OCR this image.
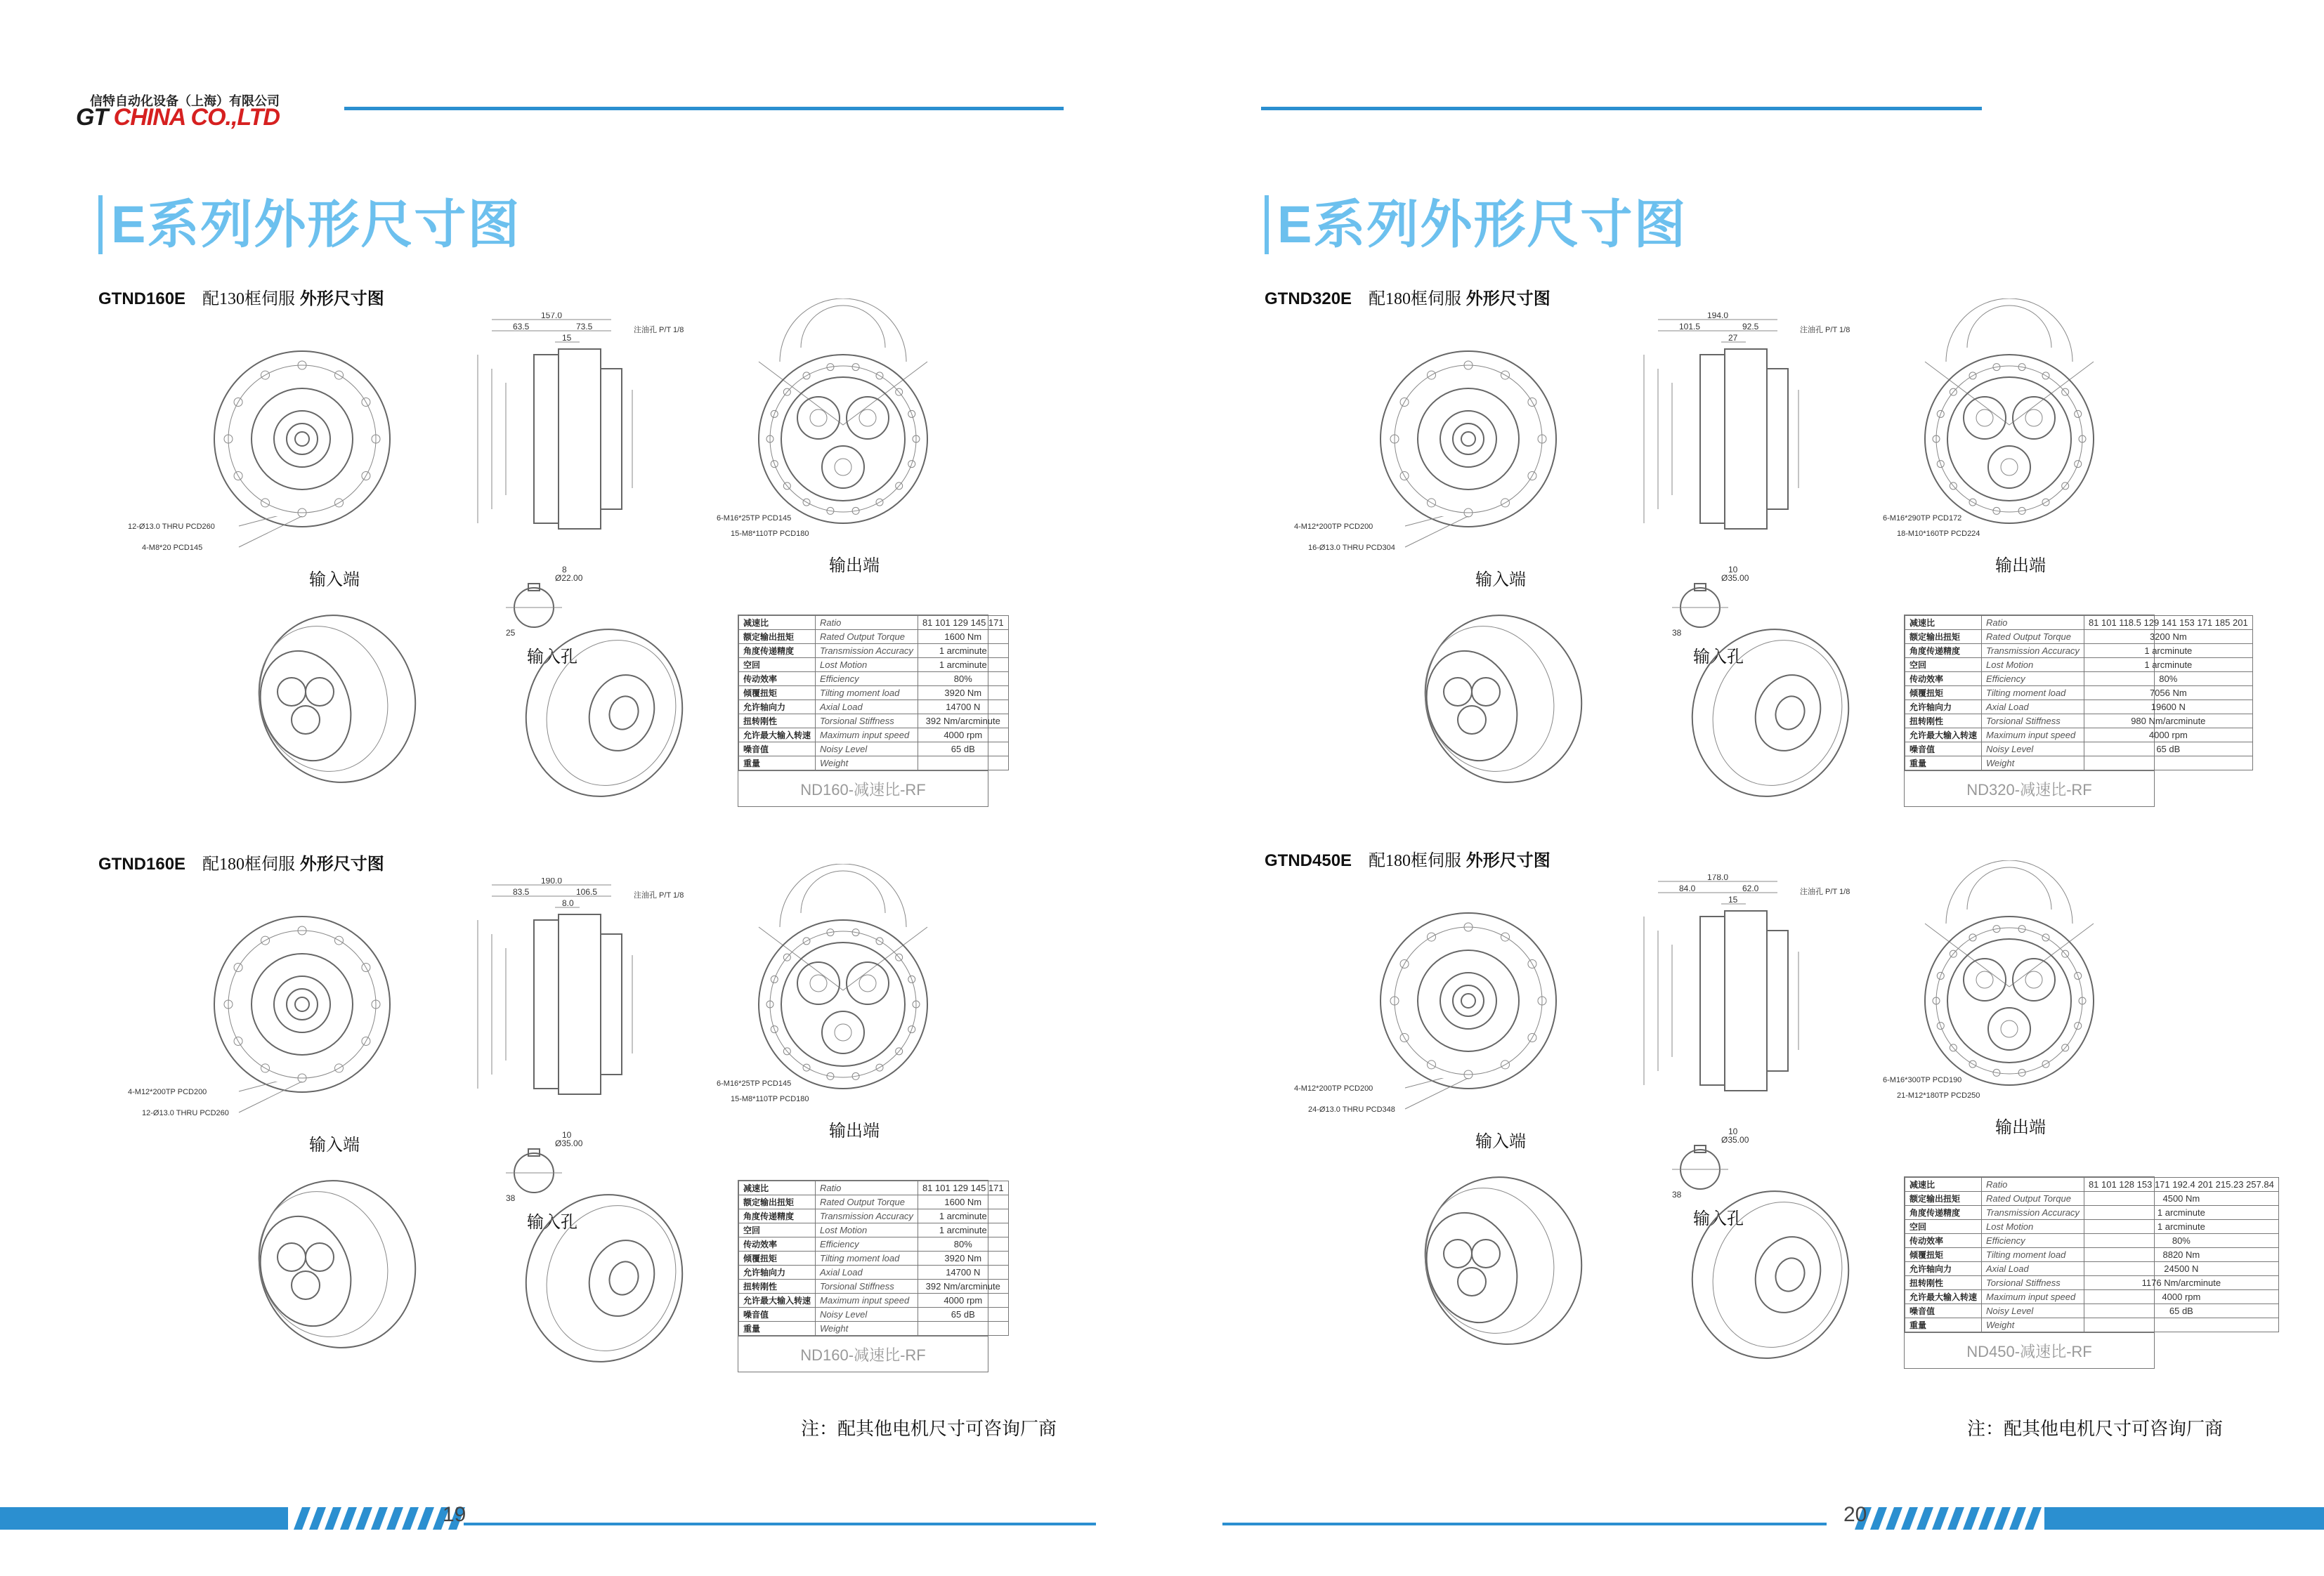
信特自动化设备（上海）有限公司
GT CHINA CO.,LTD
E系列外形尺寸图	E系列外形尺寸图
GTND160E 配130框伺服 外形尺寸图
12-Ø13.0 THRU PCD260
4-M8*20 PCD145
输入端
157.0
63.5	73.5
15
注油孔 P/T 1/8
Ø22.00
25
8
输入孔
6-M16*25TP PCD145
15-M8*110TP PCD180
输出端
减速比	Ratio	81 101 129 145 171
额定输出扭矩	Rated Output Torque	1600 Nm
角度传递精度	Transmission Accuracy	1 arcminute
空回	Lost Motion	1 arcminute
传动效率	Efficiency	80%
倾覆扭矩	Tilting moment load	3920 Nm
允许轴向力	Axial Load	14700 N
扭转刚性	Torsional Stiffness	392 Nm/arcminute
允许最大输入转速	Maximum input speed	4000 rpm
噪音值	Noisy Level	65 dB
重量	Weight	
ND160-减速比-RF
GTND160E 配180框伺服 外形尺寸图
4-M12*200TP PCD200
12-Ø13.0 THRU PCD260
输入端
190.0
83.5	106.5
8.0
注油孔 P/T 1/8
Ø35.00
38
10
输入孔
6-M16*25TP PCD145
15-M8*110TP PCD180
输出端
减速比	Ratio	81 101 129 145 171
额定输出扭矩	Rated Output Torque	1600 Nm
角度传递精度	Transmission Accuracy	1 arcminute
空回	Lost Motion	1 arcminute
传动效率	Efficiency	80%
倾覆扭矩	Tilting moment load	3920 Nm
允许轴向力	Axial Load	14700 N
扭转刚性	Torsional Stiffness	392 Nm/arcminute
允许最大输入转速	Maximum input speed	4000 rpm
噪音值	Noisy Level	65 dB
重量	Weight	
ND160-减速比-RF
GTND320E 配180框伺服 外形尺寸图
4-M12*200TP PCD200
16-Ø13.0 THRU PCD304
输入端
194.0
101.5	92.5
27
注油孔 P/T 1/8
Ø35.00
38
10
输入孔
6-M16*290TP PCD172
18-M10*160TP PCD224
输出端
减速比	Ratio	81 101 118.5 129 141 153 171 185 201
额定输出扭矩	Rated Output Torque	3200 Nm
角度传递精度	Transmission Accuracy	1 arcminute
空回	Lost Motion	1 arcminute
传动效率	Efficiency	80%
倾覆扭矩	Tilting moment load	7056 Nm
允许轴向力	Axial Load	19600 N
扭转刚性	Torsional Stiffness	980 Nm/arcminute
允许最大输入转速	Maximum input speed	4000 rpm
噪音值	Noisy Level	65 dB
重量	Weight	
ND320-减速比-RF
GTND450E 配180框伺服 外形尺寸图
4-M12*200TP PCD200
24-Ø13.0 THRU PCD348
输入端
178.0
84.0	62.0
15
注油孔 P/T 1/8
Ø35.00
38
10
输入孔
6-M16*300TP PCD190
21-M12*180TP PCD250
输出端
减速比	Ratio	81 101 128 153 171 192.4 201 215.23 257.84
额定输出扭矩	Rated Output Torque	4500 Nm
角度传递精度	Transmission Accuracy	1 arcminute
空回	Lost Motion	1 arcminute
传动效率	Efficiency	80%
倾覆扭矩	Tilting moment load	8820 Nm
允许轴向力	Axial Load	24500 N
扭转刚性	Torsional Stiffness	1176 Nm/arcminute
允许最大输入转速	Maximum input speed	4000 rpm
噪音值	Noisy Level	65 dB
重量	Weight	
ND450-减速比-RF
注：配其他电机尺寸可咨询厂商	注：配其他电机尺寸可咨询厂商
19	20
